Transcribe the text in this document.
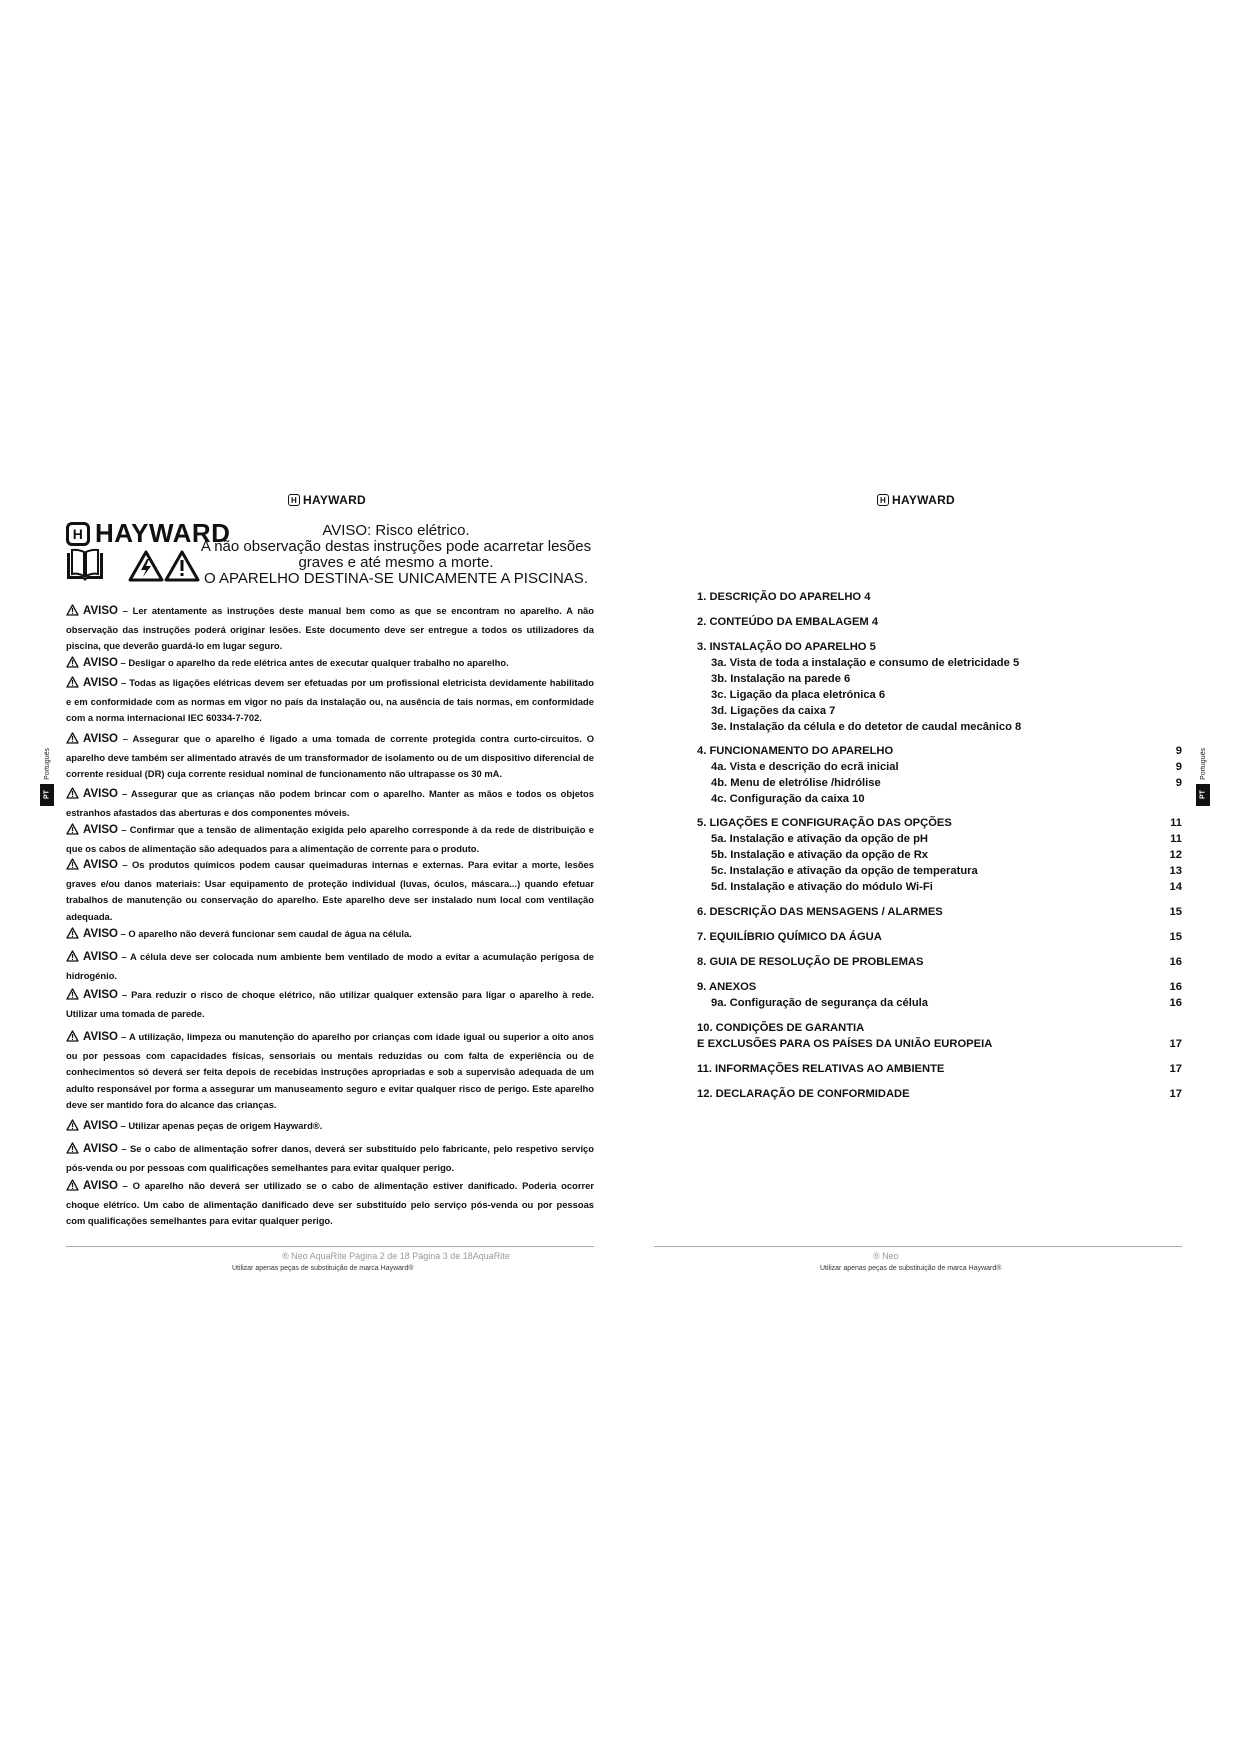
H HAYWARD
H HAYWARD	AVISO: Risco elétrico.
A não observação destas instruções pode acarretar lesões
graves e até mesmo a morte.
O APARELHO DESTINA-SE UNICAMENTE A PISCINAS.
AVISO – Ler atentamente as instruções deste manual bem como as que se encontram no aparelho. A não observação das instruções poderá originar lesões. Este documento deve ser entregue a todos os utilizadores da piscina, que deverão guardá-lo em lugar seguro.
AVISO – Desligar o aparelho da rede elétrica antes de executar qualquer trabalho no aparelho.
AVISO – Todas as ligações elétricas devem ser efetuadas por um profissional eletricista devidamente habilitado e em conformidade com as normas em vigor no país da instalação ou, na ausência de tais normas, em conformidade com a norma internacional IEC 60334-7-702.
AVISO – Assegurar que o aparelho é ligado a uma tomada de corrente protegida contra curto-circuitos. O aparelho deve também ser alimentado através de um transformador de isolamento ou de um dispositivo diferencial de corrente residual (DR) cuja corrente residual nominal de funcionamento não ultrapasse os 30 mA.
AVISO – Assegurar que as crianças não podem brincar com o aparelho. Manter as mãos e todos os objetos estranhos afastados das aberturas e dos componentes móveis.
AVISO – Confirmar que a tensão de alimentação exigida pelo aparelho corresponde à da rede de distribuição e que os cabos de alimentação são adequados para a alimentação de corrente para o produto.
AVISO – Os produtos químicos podem causar queimaduras internas e externas. Para evitar a morte, lesões graves e/ou danos materiais: Usar equipamento de proteção individual (luvas, óculos, máscara...) quando efetuar trabalhos de manutenção ou conservação do aparelho. Este aparelho deve ser instalado num local com ventilação adequada.
AVISO – O aparelho não deverá funcionar sem caudal de água na célula.
AVISO – A célula deve ser colocada num ambiente bem ventilado de modo a evitar a acumulação perigosa de hidrogénio.
AVISO – Para reduzir o risco de choque elétrico, não utilizar qualquer extensão para ligar o aparelho à rede. Utilizar uma tomada de parede.
AVISO – A utilização, limpeza ou manutenção do aparelho por crianças com idade igual ou superior a oito anos ou por pessoas com capacidades físicas, sensoriais ou mentais reduzidas ou com falta de experiência ou de conhecimentos só deverá ser feita depois de recebidas instruções apropriadas e sob a supervisão adequada de um adulto responsável por forma a assegurar um manuseamento seguro e evitar qualquer risco de perigo. Este aparelho deve ser mantido fora do alcance das crianças.
AVISO – Utilizar apenas peças de origem Hayward®.
AVISO – Se o cabo de alimentação sofrer danos, deverá ser substituído pelo fabricante, pelo respetivo serviço pós-venda ou por pessoas com qualificações semelhantes para evitar qualquer perigo.
AVISO – O aparelho não deverá ser utilizado se o cabo de alimentação estiver danificado. Poderia ocorrer choque elétrico. Um cabo de alimentação danificado deve ser substituído pelo serviço pós-venda ou por pessoas com qualificações semelhantes para evitar qualquer perigo.
Português
PT
® Neo AquaRite Página 2 de 18 Página 3 de 18AquaRite
Utilizar apenas peças de substituição de marca Hayward®
H HAYWARD
1. DESCRIÇÃO DO APARELHO 4
2. CONTEÚDO DA EMBALAGEM 4
3. INSTALAÇÃO DO APARELHO 5
3a. Vista de toda a instalação e consumo de eletricidade 5
3b. Instalação na parede 6
3c. Ligação da placa eletrónica 6
3d. Ligações da caixa 7
3e. Instalação da célula e do detetor de caudal mecânico 8
4. FUNCIONAMENTO DO APARELHO	9
4a. Vista e descrição do ecrã inicial	9
4b. Menu de eletrólise /hidrólise	9
4c. Configuração da caixa 10
5. LIGAÇÕES E CONFIGURAÇÃO DAS OPÇÕES	11
5a. Instalação e ativação da opção de pH	11
5b. Instalação e ativação da opção de Rx	12
5c. Instalação e ativação da opção de temperatura	13
5d. Instalação e ativação do módulo Wi-Fi	14
6. DESCRIÇÃO DAS MENSAGENS / ALARMES	15
7. EQUILÍBRIO QUÍMICO DA ÁGUA	15
8. GUIA DE RESOLUÇÃO DE PROBLEMAS	16
9. ANEXOS	16
9a. Configuração de segurança da célula	16
10. CONDIÇÕES DE GARANTIA
E EXCLUSÕES PARA OS PAÍSES DA UNIÃO EUROPEIA	17
11. INFORMAÇÕES RELATIVAS AO AMBIENTE	17
12. DECLARAÇÃO DE CONFORMIDADE	17
Português
PT
® Neo
Utilizar apenas peças de substituição de marca Hayward®
